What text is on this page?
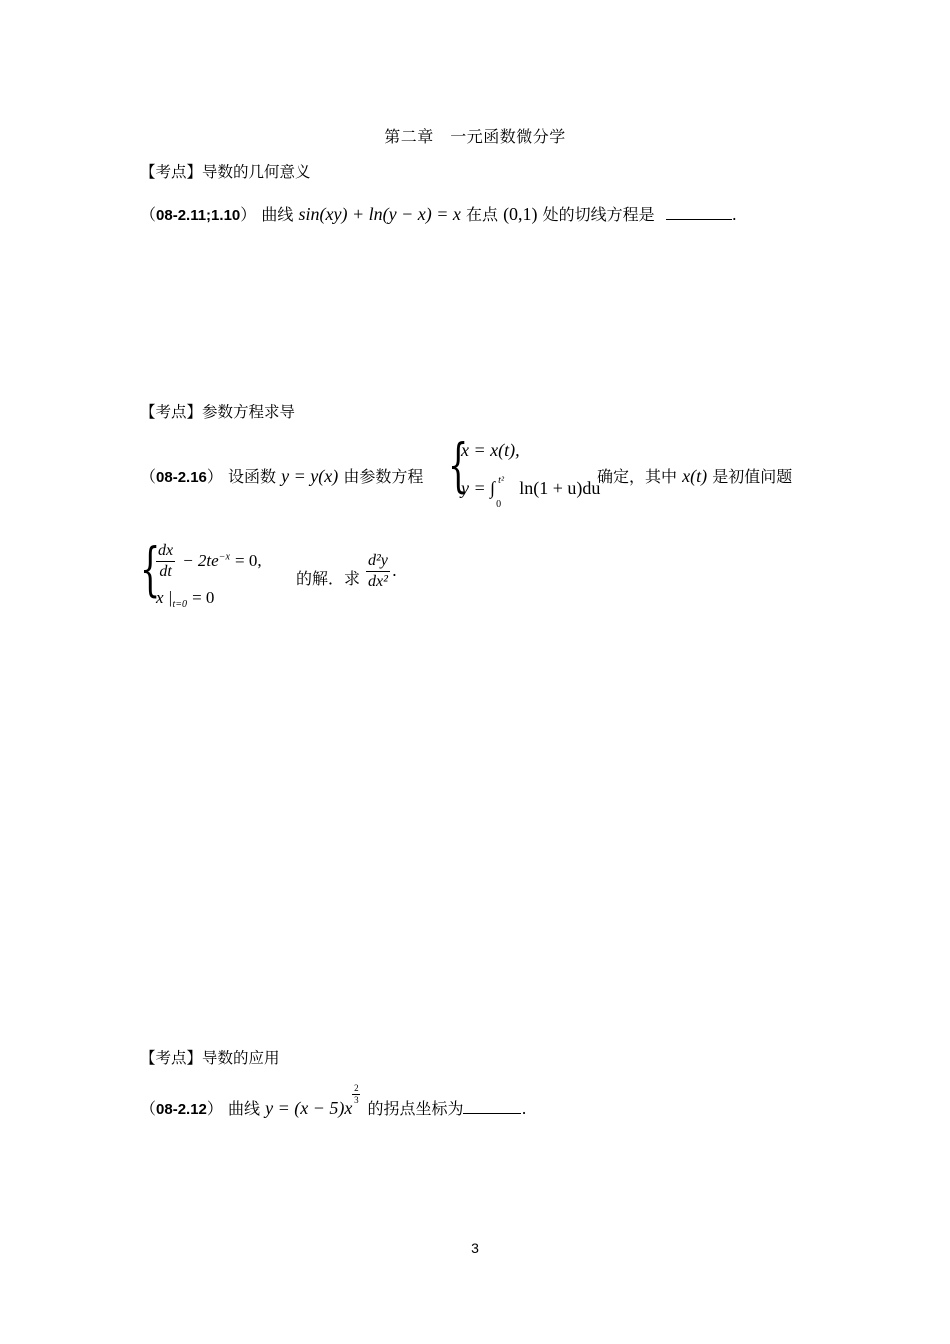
第二章　一元函数微分学
【考点】导数的几何意义
（08-2.11;1.10） 曲线 sin(xy) + ln(y − x) = x 在点 (0,1) 处的切线方程是	.
【考点】参数方程求导
（08-2.16） 设函数 y = y(x) 由参数方程 {
x = x(t),
y = ∫ t²
0
ln(1 + u)du
确定，其中 x(t) 是初值问题
{
$\frac{dx}{dt} - 2te^{-x} = 0$,
x $|_{t=0} = 0$
的解．求 $\frac{\text{d²y}}{\text{dx²}}$ .
【考点】导数的应用
（08-2.12） 曲线 y = (x − 5)x
$\frac{2}{3}$
的拐点坐标为	.
3
